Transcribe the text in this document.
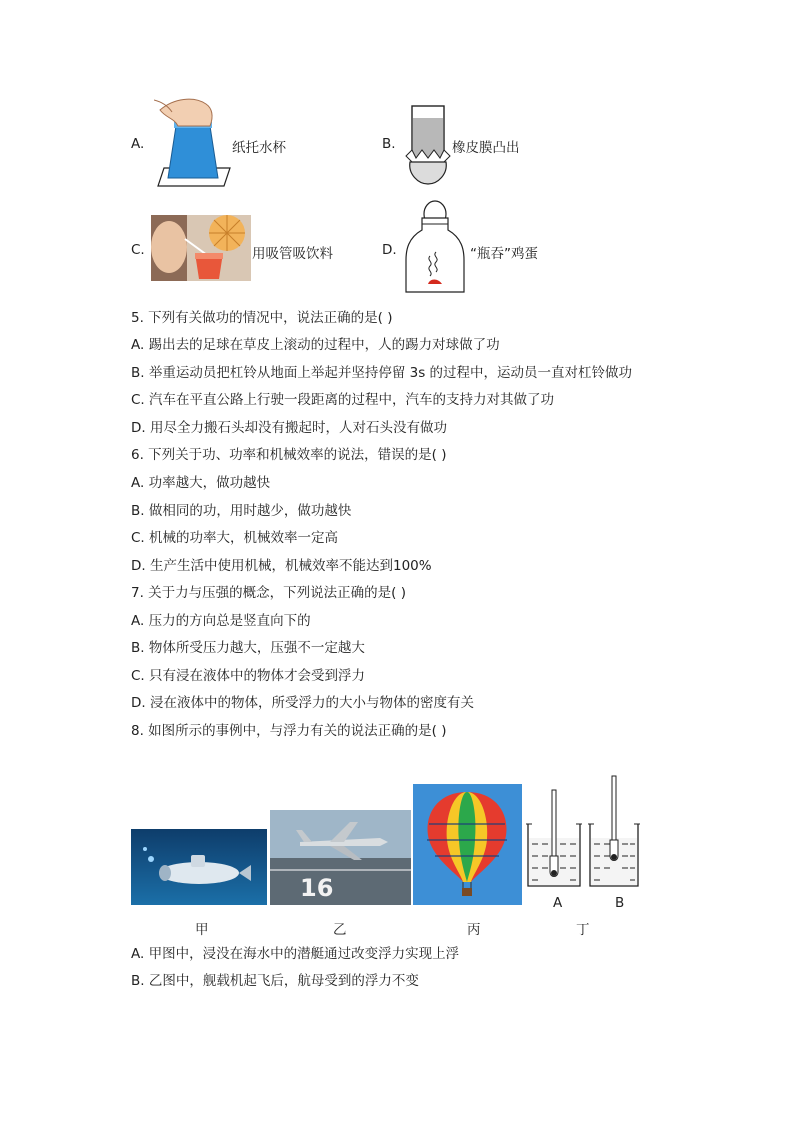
A.	纸托水杯	B.	橡皮膜凸出
C.	用吸管吸饮料	D.	“瓶吞”鸡蛋
5. 下列有关做功的情况中，说法正确的是( )
A. 踢出去的足球在草皮上滚动的过程中，人的踢力对球做了功
B. 举重运动员把杠铃从地面上举起并坚持停留 3s 的过程中，运动员一直对杠铃做功
C. 汽车在平直公路上行驶一段距离的过程中，汽车的支持力对其做了功
D. 用尽全力搬石头却没有搬起时，人对石头没有做功
6. 下列关于功、功率和机械效率的说法，错误的是( )
A. 功率越大，做功越快
B. 做相同的功，用时越少，做功越快
C. 机械的功率大，机械效率一定高
D. 生产生活中使用机械，机械效率不能达到100%
7. 关于力与压强的概念，下列说法正确的是( )
A. 压力的方向总是竖直向下的
B. 物体所受压力越大，压强不一定越大
C. 只有浸在液体中的物体才会受到浮力
D. 浸在液体中的物体，所受浮力的大小与物体的密度有关
8. 如图所示的事例中，与浮力有关的说法正确的是( )
16
甲	乙	丙	丁
A	B
A. 甲图中，浸没在海水中的潜艇通过改变浮力实现上浮
B. 乙图中，舰载机起飞后，航母受到的浮力不变
